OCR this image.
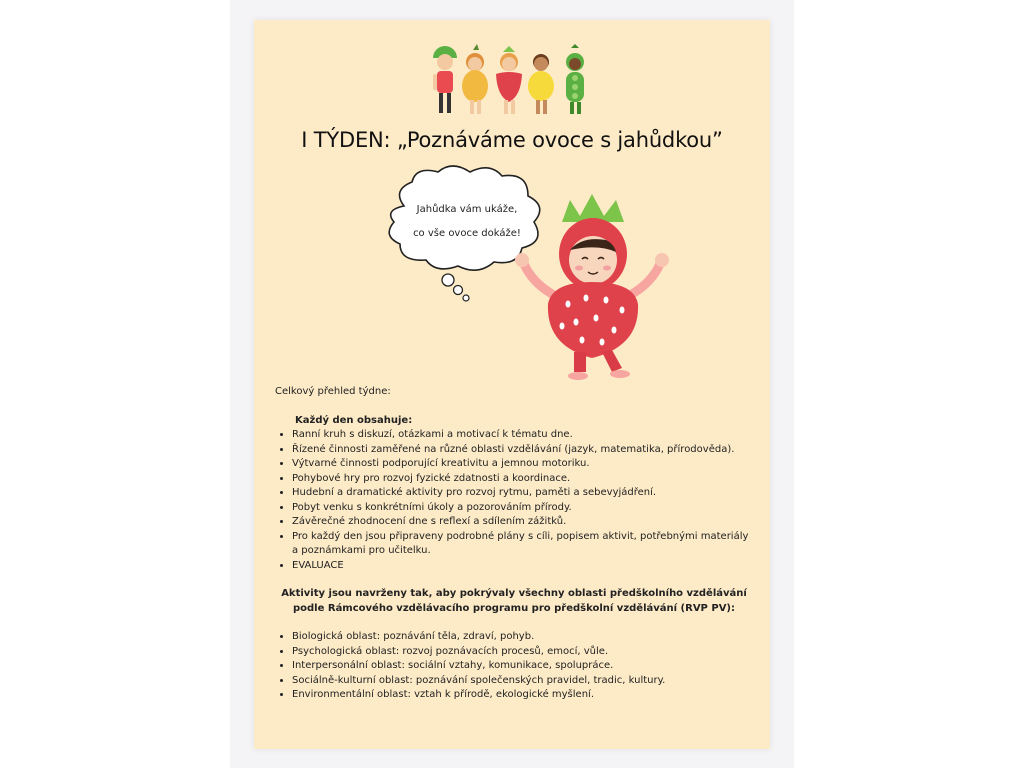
I TÝDEN: „Poznáváme ovoce s jahůdkou”
Jahůdka vám ukáže,
co vše ovoce dokáže!

Celkový přehled týdne:

Každý den obsahuje:

• Ranní kruh s diskuzí, otázkami a motivací k tématu dne.
• Řízené činnosti zaměřené na různé oblasti vzdělávání (jazyk, matematika, přírodověda).
• Výtvarné činnosti podporující kreativitu a jemnou motoriku.
• Pohybové hry pro rozvoj fyzické zdatnosti a koordinace.
• Hudební a dramatické aktivity pro rozvoj rytmu, paměti a sebevyjádření.
• Pobyt venku s konkrétními úkoly a pozorováním přírody.
• Závěrečné zhodnocení dne s reflexí a sdílením zážitků.
• Pro každý den jsou připraveny podrobné plány s cíli, popisem aktivit, potřebnými materiály a poznámkami pro učitelku.
• EVALUACE

Aktivity jsou navrženy tak, aby pokrývaly všechny oblasti předškolního vzdělávání podle Rámcového vzdělávacího programu pro předškolní vzdělávání (RVP PV):

• Biologická oblast: poznávání těla, zdraví, pohyb.
• Psychologická oblast: rozvoj poznávacích procesů, emocí, vůle.
• Interpersonální oblast: sociální vztahy, komunikace, spolupráce.
• Sociálně-kulturní oblast: poznávání společenských pravidel, tradic, kultury.
• Environmentální oblast: vztah k přírodě, ekologické myšlení.
